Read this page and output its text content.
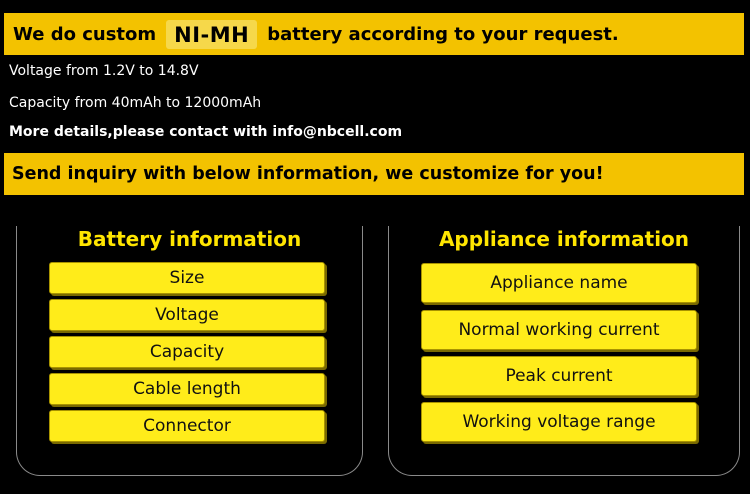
We do custom NI-MH	battery according to your request.
Voltage from 1.2V to 14.8V
Capacity from 40mAh to 12000mAh
More details,please contact with info@nbcell.com
Send inquiry with below information, we customize for you!
Battery information
Size
Voltage
Capacity
Cable length
Connector
Appliance information
Appliance name
Normal working current
Peak current
Working voltage range
